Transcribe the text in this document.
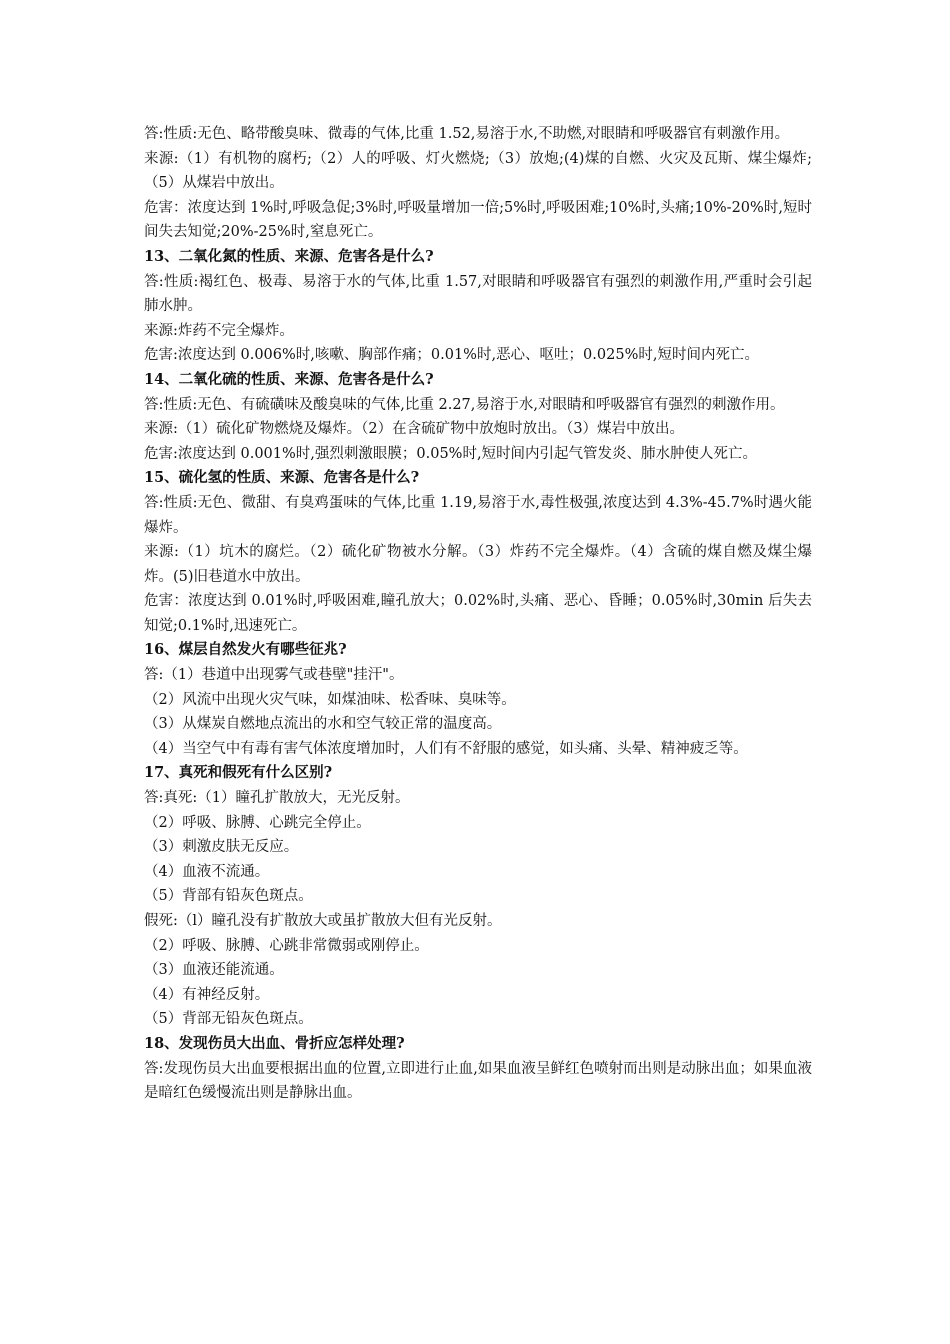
答:性质:无色、略带酸臭味、微毒的气体,比重 1.52,易溶于水,不助燃,对眼睛和呼吸器官有刺激作用。

来源:（1）有机物的腐朽;（2）人的呼吸、灯火燃烧;（3）放炮;(4)煤的自燃、火灾及瓦斯、煤尘爆炸;（5）从煤岩中放出。

危害：浓度达到 1%时,呼吸急促;3%时,呼吸量增加一倍;5%时,呼吸困难;10%时,头痛;10%-20%时,短时间失去知觉;20%-25%时,窒息死亡。

13、二氧化氮的性质、来源、危害各是什么?

答:性质:褐红色、极毒、易溶于水的气体,比重 1.57,对眼睛和呼吸器官有强烈的刺激作用,严重时会引起肺水肿。

来源:炸药不完全爆炸。

危害:浓度达到 0.006%时,咳嗽、胸部作痛；0.01%时,恶心、呕吐；0.025%时,短时间内死亡。

14、二氧化硫的性质、来源、危害各是什么?

答:性质:无色、有硫磺味及酸臭味的气体,比重 2.27,易溶于水,对眼睛和呼吸器官有强烈的刺激作用。

来源:（1）硫化矿物燃烧及爆炸。（2）在含硫矿物中放炮时放出。（3）煤岩中放出。

危害:浓度达到 0.001%时,强烈刺激眼膜；0.05%时,短时间内引起气管发炎、肺水肿使人死亡。

15、硫化氢的性质、来源、危害各是什么?

答:性质:无色、微甜、有臭鸡蛋味的气体,比重 1.19,易溶于水,毒性极强,浓度达到 4.3%-45.7%时遇火能爆炸。

来源:（1）坑木的腐烂。（2）硫化矿物被水分解。（3）炸药不完全爆炸。（4）含硫的煤自燃及煤尘爆炸。(5)旧巷道水中放出。

危害：浓度达到 0.01%时,呼吸困难,瞳孔放大；0.02%时,头痛、恶心、昏睡；0.05%时,30min 后失去知觉;0.1%时,迅速死亡。

16、煤层自然发火有哪些征兆?

答:（1）巷道中出现雾气或巷壁"挂汗"。

（2）风流中出现火灾气味，如煤油味、松香味、臭味等。

（3）从煤炭自燃地点流出的水和空气较正常的温度高。

（4）当空气中有毒有害气体浓度增加时，人们有不舒服的感觉，如头痛、头晕、精神疲乏等。

17、真死和假死有什么区别?

答:真死:（1）瞳孔扩散放大，无光反射。

（2）呼吸、脉膊、心跳完全停止。

（3）刺激皮肤无反应。

（4）血液不流通。

（5）背部有铅灰色斑点。

假死:（l）瞳孔没有扩散放大或虽扩散放大但有光反射。

（2）呼吸、脉膊、心跳非常微弱或刚停止。

（3）血液还能流通。

（4）有神经反射。

（5）背部无铅灰色斑点。

18、发现伤员大出血、骨折应怎样处理?

答:发现伤员大出血要根据出血的位置,立即进行止血,如果血液呈鲜红色喷射而出则是动脉出血；如果血液是暗红色缓慢流出则是静脉出血。
